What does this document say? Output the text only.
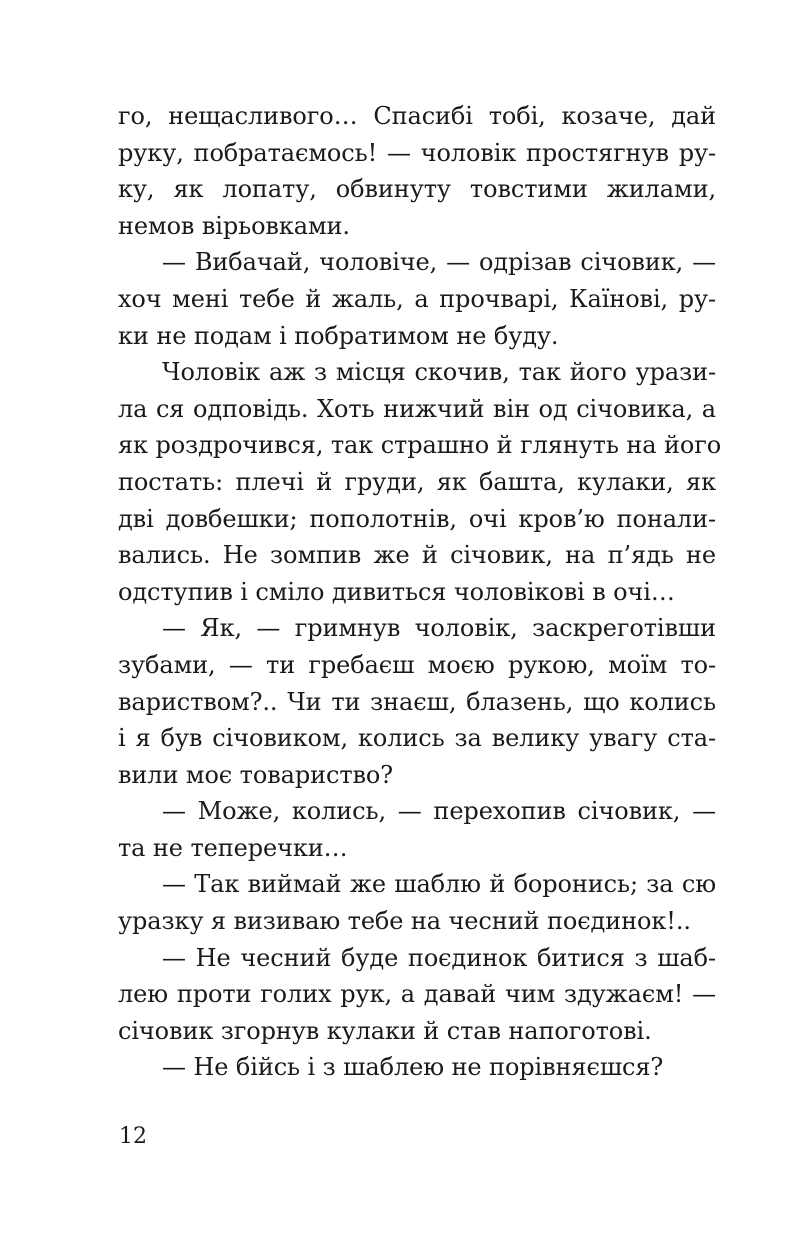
го, нещасливого… Спасибі тобі, козаче, дай
руку, побратаємось! — чоловік простягнув ру-
ку, як лопату, обвинуту товстими жилами,
немов вірьовками.
— Вибачай, чоловіче, — одрізав січовик, —
хоч мені тебе й жаль, а прочварі, Каїнові, ру-
ки не подам і побратимом не буду.
Чоловік аж з місця скочив, так його урази-
ла ся одповідь. Хоть нижчий він од січовика, а
як роздрочився, так страшно й глянуть на його
постать: плечі й груди, як башта, кулаки, як
дві довбешки; пополотнів, очі кров’ю понали-
вались. Не зомпив же й січовик, на п’ядь не
одступив і сміло дивиться чоловікові в очі…
— Як, — гримнув чоловік, заскреготівши
зубами, — ти гребаєш моєю рукою, моїм то-
вариством?.. Чи ти знаєш, блазень, що колись
і я був січовиком, колись за велику увагу ста-
вили моє товариство?
— Може, колись, — перехопив січовик, —
та не теперечки…
— Так виймай же шаблю й боронись; за сю
уразку я визиваю тебе на чесний поєдинок!..
— Не чесний буде поєдинок битися з шаб-
лею проти голих рук, а давай чим здужаєм! —
січовик згорнув кулаки й став напоготові.
— Не бійсь і з шаблею не порівняєшся?
12
